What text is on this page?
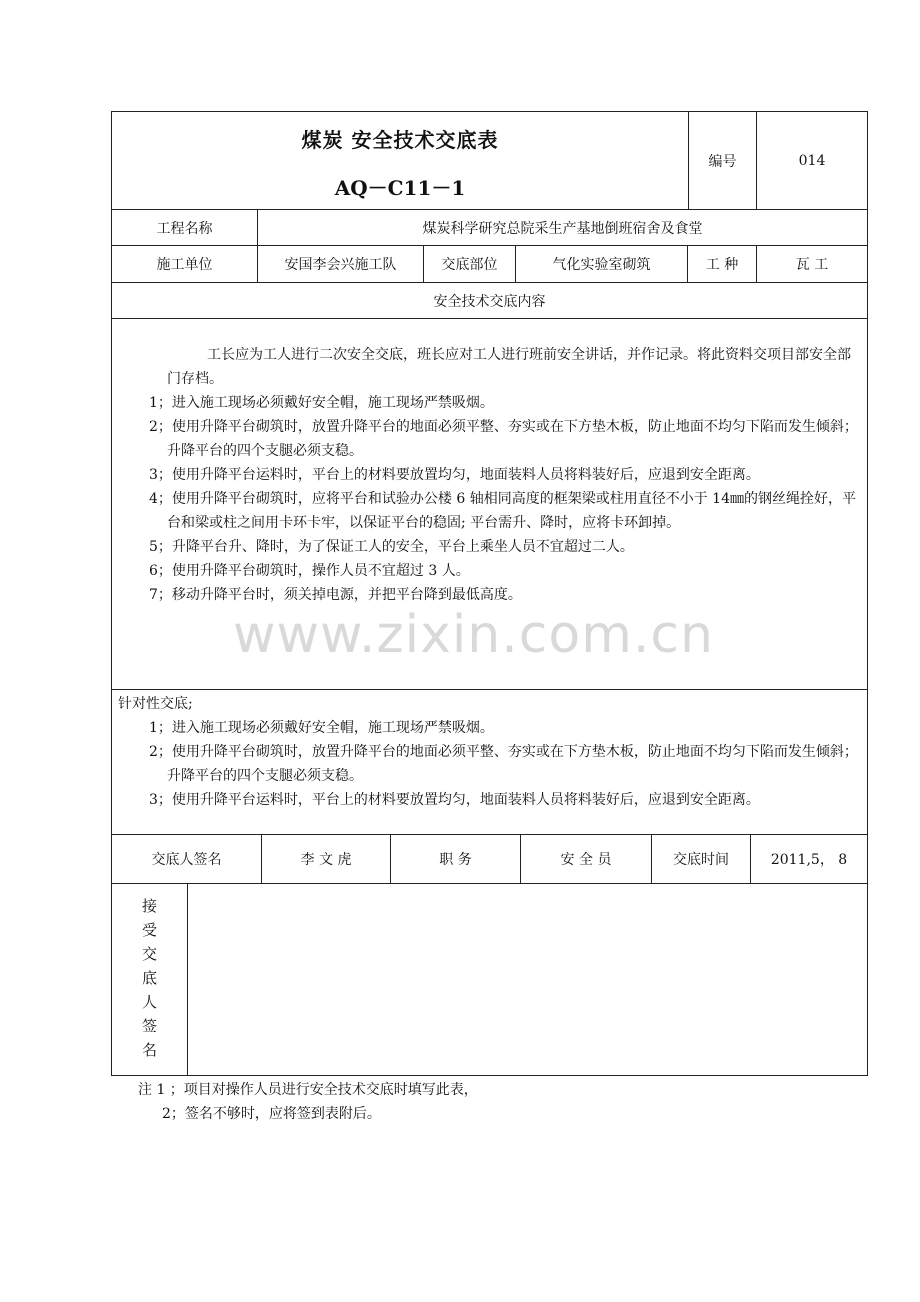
煤炭 安全技术交底表
AQ－C11－1
编号	014
工程名称	煤炭科学研究总院采生产基地倒班宿舍及食堂
施工单位	安国李会兴施工队	交底部位	气化实验室砌筑	工 种	瓦 工
安全技术交底内容
工长应为工人进行二次安全交底，班长应对工人进行班前安全讲话，并作记录。将此资料交项目部安全部门存档。
1；进入施工现场必须戴好安全帽，施工现场严禁吸烟。
2；使用升降平台砌筑时，放置升降平台的地面必须平整、夯实或在下方垫木板，防止地面不均匀下陷而发生倾斜；升降平台的四个支腿必须支稳。
3；使用升降平台运料时，平台上的材料要放置均匀，地面装料人员将料装好后，应退到安全距离。
4；使用升降平台砌筑时，应将平台和试验办公楼 6 轴相同高度的框架梁或柱用直径不小于 14㎜的钢丝绳拴好，平台和梁或柱之间用卡环卡牢，以保证平台的稳固; 平台需升、降时，应将卡环卸掉。
5；升降平台升、降时，为了保证工人的安全，平台上乘坐人员不宜超过二人。
6；使用升降平台砌筑时，操作人员不宜超过 3 人。
7；移动升降平台时，须关掉电源，并把平台降到最低高度。
针对性交底;
1；进入施工现场必须戴好安全帽，施工现场严禁吸烟。
2；使用升降平台砌筑时，放置升降平台的地面必须平整、夯实或在下方垫木板，防止地面不均匀下陷而发生倾斜；升降平台的四个支腿必须支稳。
3；使用升降平台运料时，平台上的材料要放置均匀，地面装料人员将料装好后，应退到安全距离。
交底人签名	李 文 虎	职 务	安 全 员	交底时间	2011,5， 8
接
受
交
底
人
签
名
www.zixin.com.cn
注 1 ；项目对操作人员进行安全技术交底时填写此表，
2；签名不够时，应将签到表附后。
